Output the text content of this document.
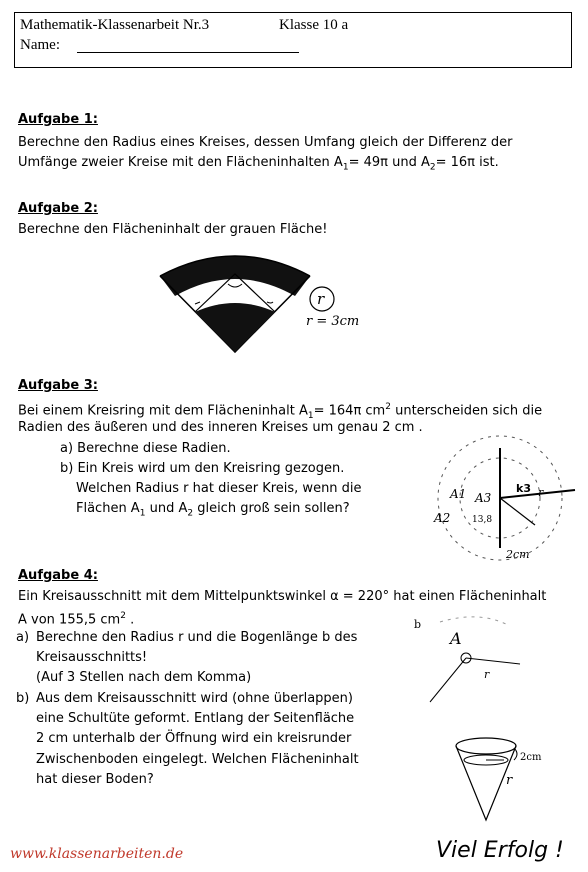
Mathematik-Klassenarbeit Nr.3	Klasse 10 a
Name:
Aufgabe 1:
Berechne den Radius eines Kreises, dessen Umfang gleich der Differenz der
Umfänge zweier Kreise mit den Flächeninhalten $A_1= 49\pi$ und $A_2= 16\pi$ ist.
Aufgabe 2:
Berechne den Flächeninhalt der grauen Fläche!
r
r = 3cm
Aufgabe 3:
Bei einem Kreisring mit dem Flächeninhalt $A_1= 164\pi$ $cm^2$ unterscheiden sich die
Radien des äußeren und des inneren Kreises um genau 2 cm .
a) Berechne diese Radien.
b) Ein Kreis wird um den Kreisring gezogen.
Welchen Radius r hat dieser Kreis, wenn die
Flächen $A_1$ und $A_2$ gleich groß sein sollen?
A1 A3
A2 13,8
k3
2cm
r
Aufgabe 4:
Ein Kreisausschnitt mit dem Mittelpunktswinkel α = 220° hat einen Flächeninhalt
A von 155,5 $cm^2$ .
a) Berechne den Radius r und die Bogenlänge b des
Kreisausschnitts!
(Auf 3 Stellen nach dem Komma)
b) Aus dem Kreisausschnitt wird (ohne überlappen)
eine Schultüte geformt. Entlang der Seitenfläche
2 cm unterhalb der Öffnung wird ein kreisrunder
Zwischenboden eingelegt. Welchen Flächeninhalt
hat dieser Boden?
b
A
r
2cm
r
www.klassenarbeiten.de	Viel Erfolg !
